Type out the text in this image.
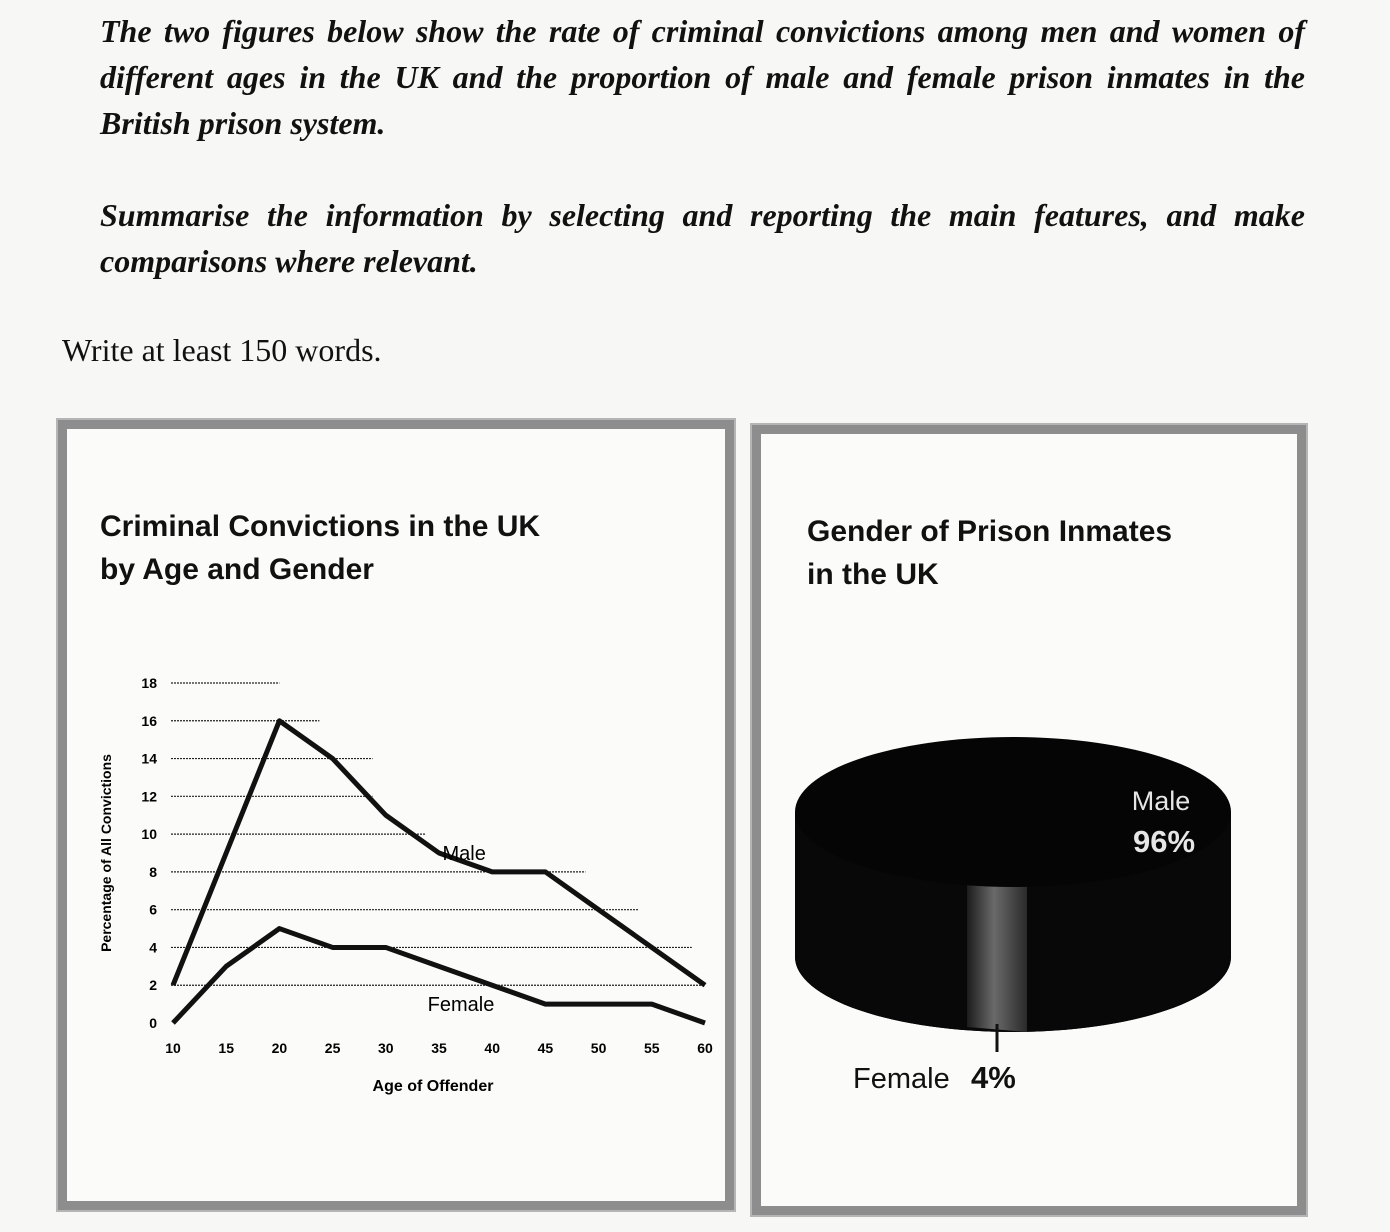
The two figures below show the rate of criminal convictions among men and women of different ages in the UK and the proportion of male and female prison inmates in the British prison system.

Summarise the information by selecting and reporting the main features, and make comparisons where relevant.

Write at least 150 words.

Criminal Convictions in the UK
by Age and Gender
0
2
4
6
8
10
12
14
16
18
10	15	20	25	30	35	40	45	50	55	60
Percentage of All Convictions
Age of Offender
Male
Female
Gender of Prison Inmates
in the UK
Male
96%
Female 4%
